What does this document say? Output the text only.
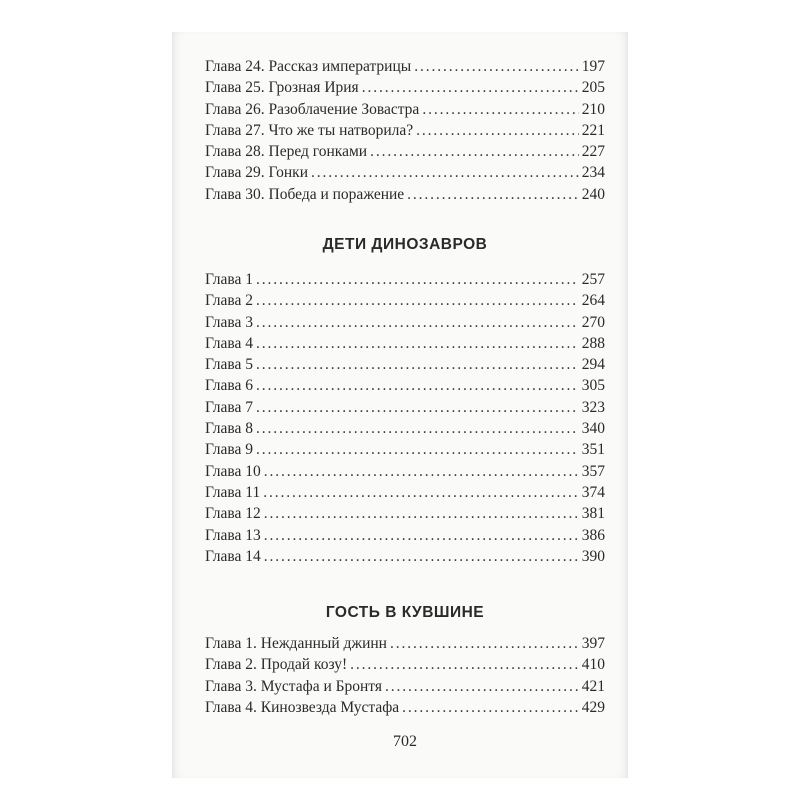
Глава 24. Рассказ императрицы . . .	197
Глава 25. Грозная Ирия . . .	205
Глава 26. Разоблачение Зовастра . . .	210
Глава 27. Что же ты натворила? . . .	221
Глава 28. Перед гонками . . .	227
Глава 29. Гонки . . .	234
Глава 30. Победа и поражение . . .	240
ДЕТИ ДИНОЗАВРОВ
Глава 1 . . .	257
Глава 2 . . .	264
Глава 3 . . .	270
Глава 4 . . .	288
Глава 5 . . .	294
Глава 6 . . .	305
Глава 7 . . .	323
Глава 8 . . .	340
Глава 9 . . .	351
Глава 10 . . .	357
Глава 11 . . .	374
Глава 12 . . .	381
Глава 13 . . .	386
Глава 14 . . .	390
ГОСТЬ В КУВШИНЕ
Глава 1. Нежданный джинн . . .	397
Глава 2. Продай козу! . . .	410
Глава 3. Мустафа и Бронтя . . .	421
Глава 4. Кинозвезда Мустафа . . .	429
702
